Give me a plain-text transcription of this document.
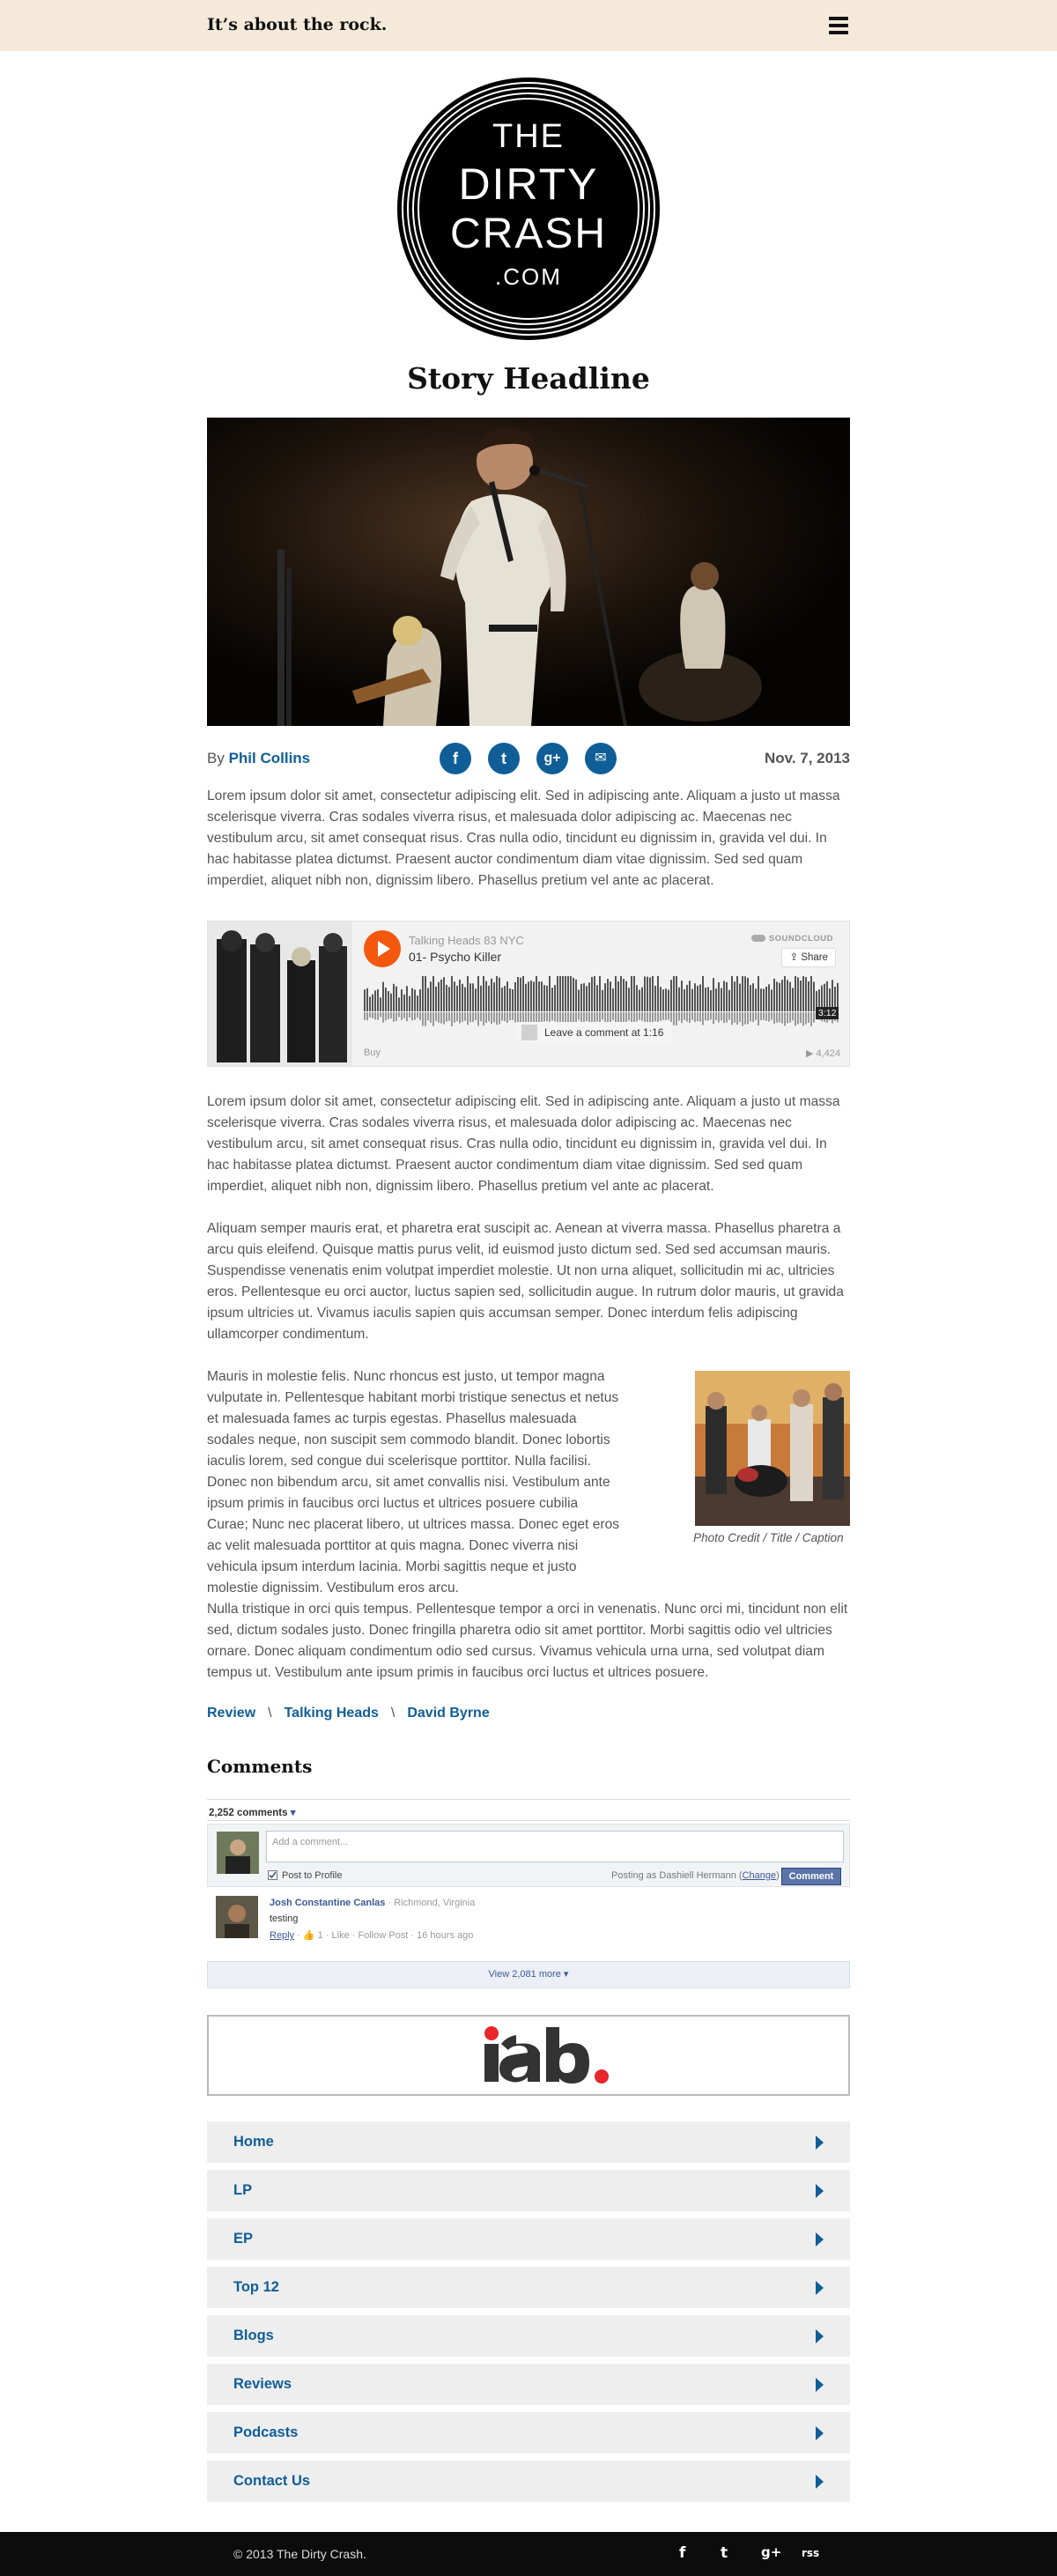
It’s about the rock.
THE
DIRTY
CRASH
.COM
Story Headline
By Phil Collins	f	t	g+	✉	Nov. 7, 2013
Lorem ipsum dolor sit amet, consectetur adipiscing elit. Sed in adipiscing ante. Aliquam a justo ut massa scelerisque viverra. Cras sodales viverra risus, et malesuada dolor adipiscing ac. Maecenas nec vestibulum arcu, sit amet consequat risus. Cras nulla odio, tincidunt eu dignissim in, gravida vel dui. In hac habitasse platea dictumst. Praesent auctor condimentum diam vitae dignissim. Sed sed quam imperdiet, aliquet nibh non, dignissim libero. Phasellus pretium vel ante ac placerat.
Talking Heads 83 NYC
01- Psycho Killer
SOUNDCLOUD
⇪ Share
Leave a comment at 1:16
3:12
Buy	▶ 4,424
Lorem ipsum dolor sit amet, consectetur adipiscing elit. Sed in adipiscing ante. Aliquam a justo ut massa scelerisque viverra. Cras sodales viverra risus, et malesuada dolor adipiscing ac. Maecenas nec vestibulum arcu, sit amet consequat risus. Cras nulla odio, tincidunt eu dignissim in, gravida vel dui. In hac habitasse platea dictumst. Praesent auctor condimentum diam vitae dignissim. Sed sed quam imperdiet, aliquet nibh non, dignissim libero. Phasellus pretium vel ante ac placerat.
Aliquam semper mauris erat, et pharetra erat suscipit ac. Aenean at viverra massa. Phasellus pharetra a arcu quis eleifend. Quisque mattis purus velit, id euismod justo dictum sed. Sed sed accumsan mauris. Suspendisse venenatis enim volutpat imperdiet molestie. Ut non urna aliquet, sollicitudin mi ac, ultricies eros. Pellentesque eu orci auctor, luctus sapien sed, sollicitudin augue. In rutrum dolor mauris, ut gravida ipsum ultricies ut. Vivamus iaculis sapien quis accumsan semper. Donec interdum felis adipiscing ullamcorper condimentum.
Mauris in molestie felis. Nunc rhoncus est justo, ut tempor magna vulputate in. Pellentesque habitant morbi tristique senectus et netus et malesuada fames ac turpis egestas. Phasellus malesuada sodales neque, non suscipit sem commodo blandit. Donec lobortis iaculis lorem, sed congue dui scelerisque porttitor. Nulla facilisi. Donec non bibendum arcu, sit amet convallis nisi. Vestibulum ante ipsum primis in faucibus orci luctus et ultrices posuere cubilia Curae; Nunc nec placerat libero, ut ultrices massa. Donec eget eros ac velit malesuada porttitor at quis magna. Donec viverra nisi vehicula ipsum interdum lacinia. Morbi sagittis neque et justo molestie dignissim. Vestibulum eros arcu.
Photo Credit / Title / Caption
Nulla tristique in orci quis tempus. Pellentesque tempor a orci in venenatis. Nunc orci mi, tincidunt non elit sed, dictum sodales justo. Donec fringilla pharetra odio sit amet porttitor. Morbi sagittis odio vel ultricies ornare. Donec aliquam condimentum odio sed cursus. Vivamus vehicula urna urna, sed volutpat diam tempus ut. Vestibulum ante ipsum primis in faucibus orci luctus et ultrices posuere.
Review \ Talking Heads \ David Byrne
Comments
2,252 comments ▾
Add a comment...
Post to Profile	Posting as Dashiell Hermann (Change) Comment
Josh Constantine Canlas · Richmond, Virginia
testing
Reply · 👍 1 · Like · Follow Post · 16 hours ago
View 2,081 more ▾
Home
LP
EP
Top 12
Blogs
Reviews
Podcasts
Contact Us
© 2013 The Dirty Crash.	f t	g+ rss
